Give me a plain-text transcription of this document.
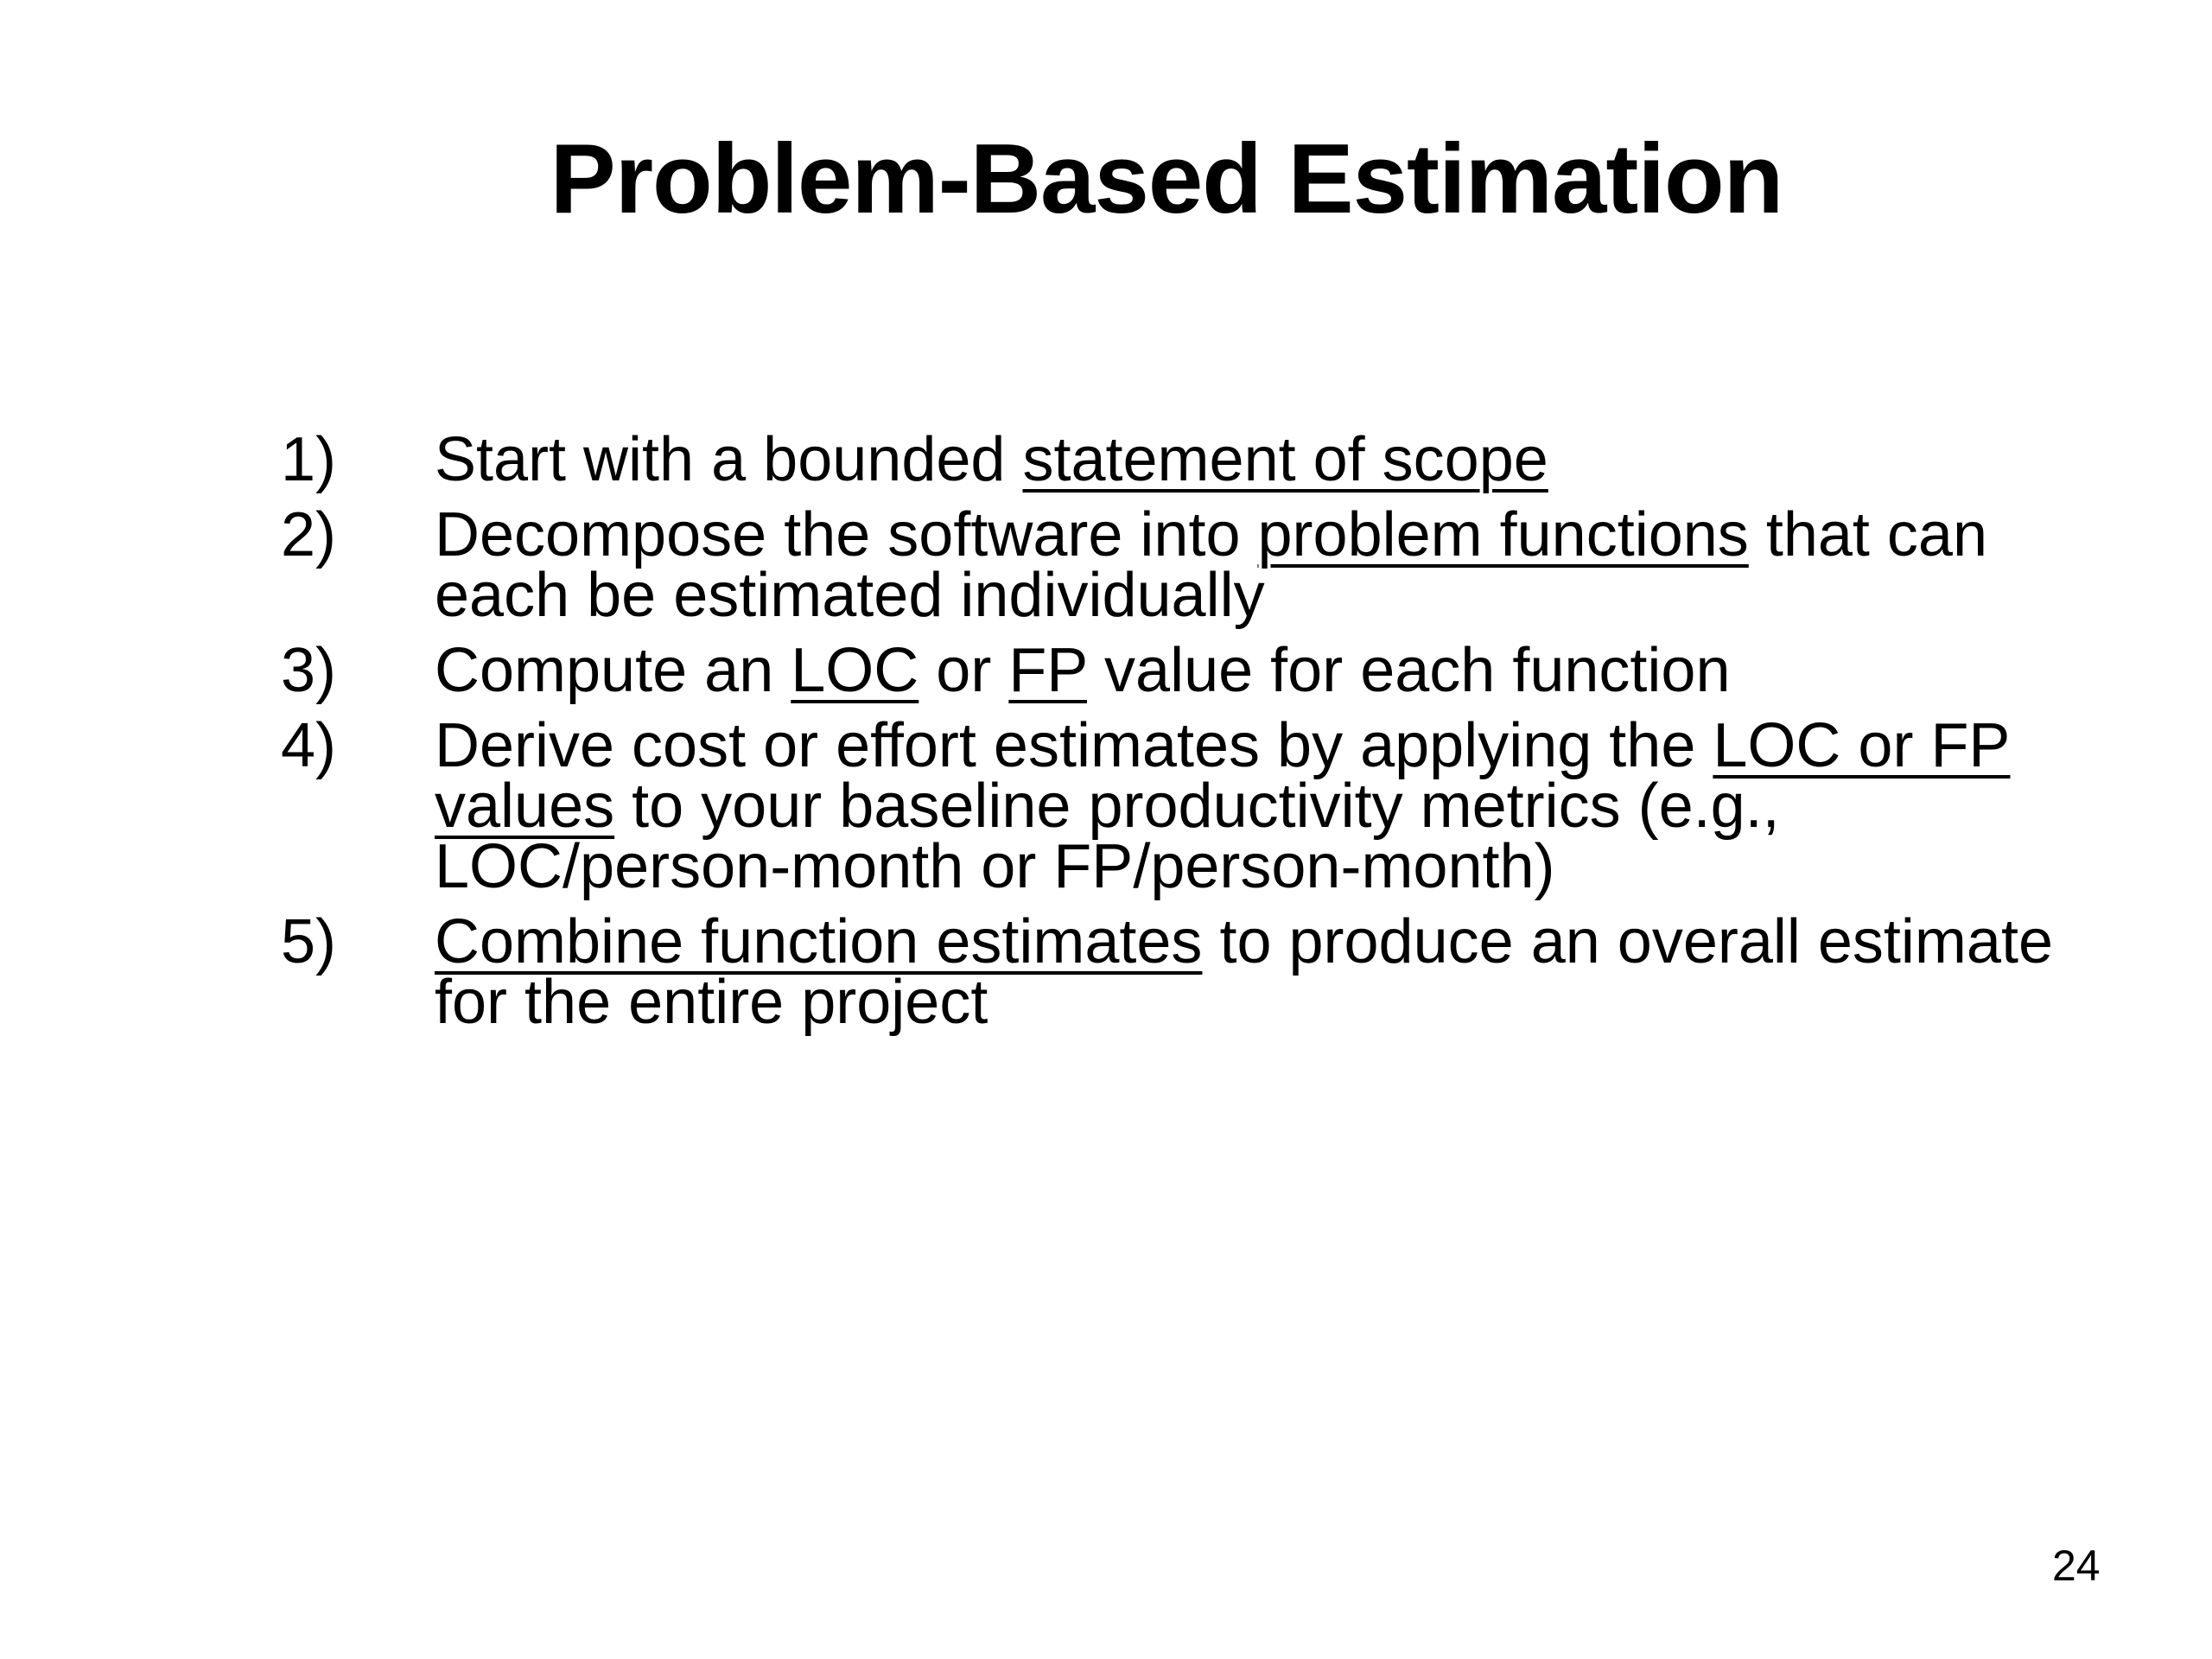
Problem-Based Estimation
1)	Start with a bounded statement of scope
2)	Decompose the software into problem functions that can each be estimated individually
3)	Compute an LOC or FP value for each function
4)	Derive cost or effort estimates by applying the LOC or FP values to your baseline productivity metrics (e.g., LOC/person-month or FP/person-month)
5)	Combine function estimates to produce an overall estimate for the entire project
24
